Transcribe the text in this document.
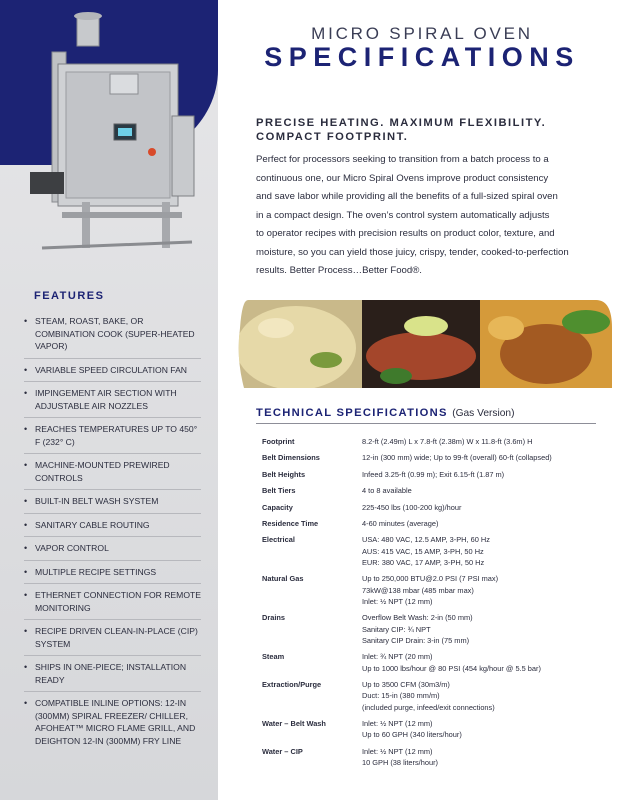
MICRO SPIRAL OVEN
SPECIFICATIONS
PRECISE HEATING. MAXIMUM FLEXIBILITY.
COMPACT FOOTPRINT.
Perfect for processors seeking to transition from a batch process to a
continuous one, our Micro Spiral Ovens improve product consistency
and save labor while providing all the benefits of a full-sized spiral oven
in a compact design. The oven’s control system automatically adjusts
to operator recipes with precision results on product color, texture, and
moisture, so you can yield those juicy, crispy, tender, cooked-to-perfection
results. Better Process…Better Food®.
FEATURES
• STEAM, ROAST, BAKE, OR COMBINATION COOK (SUPER-HEATED VAPOR)
• VARIABLE SPEED CIRCULATION FAN
• IMPINGEMENT AIR SECTION WITH ADJUSTABLE AIR NOZZLES
• REACHES TEMPERATURES UP TO 450° F (232° C)
• MACHINE-MOUNTED PREWIRED CONTROLS
• BUILT-IN BELT WASH SYSTEM
• SANITARY CABLE ROUTING
• VAPOR CONTROL
• MULTIPLE RECIPE SETTINGS
• ETHERNET CONNECTION FOR REMOTE MONITORING
• RECIPE DRIVEN CLEAN-IN-PLACE (CIP) SYSTEM
• SHIPS IN ONE-PIECE; INSTALLATION READY
• COMPATIBLE INLINE OPTIONS: 12-IN (300MM) SPIRAL FREEZER/ CHILLER, AFOHEAT™ MICRO FLAME GRILL, AND DEIGHTON 12-IN (300MM) FRY LINE
TECHNICAL SPECIFICATIONS (Gas Version)
Footprint	8.2-ft (2.49m) L x 7.8-ft (2.38m) W x 11.8-ft (3.6m) H
Belt Dimensions	12-in (300 mm) wide; Up to 99-ft (overall) 60-ft (collapsed)
Belt Heights	Infeed 3.25-ft (0.99 m); Exit 6.15-ft (1.87 m)
Belt Tiers	4 to 8 available
Capacity	225-450 lbs (100-200 kg)/hour
Residence Time	4-60 minutes (average)
Electrical	USA: 480 VAC, 12.5 AMP, 3-PH, 60 Hz
AUS: 415 VAC, 15 AMP, 3-PH, 50 Hz
EUR: 380 VAC, 17 AMP, 3-PH, 50 Hz
Natural Gas	Up to 250,000 BTU@2.0 PSI (7 PSI max)
73kW@138 mbar (485 mbar max)
Inlet: ½ NPT (12 mm)
Drains	Overflow Belt Wash: 2-in (50 mm)
Sanitary CIP: ¾ NPT
Sanitary CIP Drain: 3-in (75 mm)
Steam	Inlet: ¾ NPT (20 mm)
Up to 1000 lbs/hour @ 80 PSI (454 kg/hour @ 5.5 bar)
Extraction/Purge	Up to 3500 CFM (30m3/m)
Duct: 15-in (380 mm/m)
(included purge, infeed/exit connections)
Water – Belt Wash	Inlet: ½ NPT (12 mm)
Up to 60 GPH (340 liters/hour)
Water – CIP	Inlet: ½ NPT (12 mm)
10 GPH (38 liters/hour)
